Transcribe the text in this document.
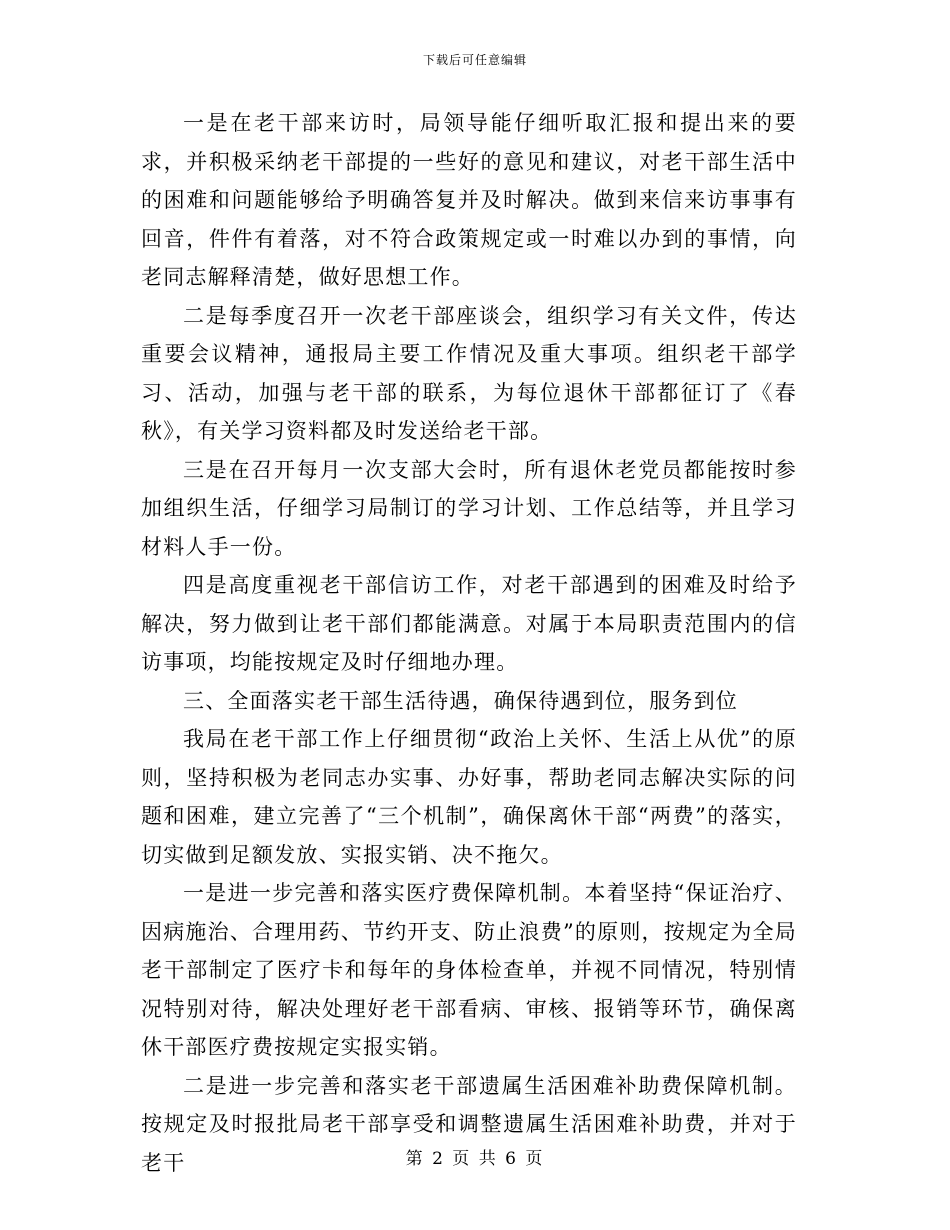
下载后可任意编辑

一是在老干部来访时，局领导能仔细听取汇报和提出来的要求，并积极采纳老干部提的一些好的意见和建议，对老干部生活中的困难和问题能够给予明确答复并及时解决。做到来信来访事事有回音，件件有着落，对不符合政策规定或一时难以办到的事情，向老同志解释清楚，做好思想工作。

二是每季度召开一次老干部座谈会，组织学习有关文件，传达重要会议精神，通报局主要工作情况及重大事项。组织老干部学习、活动，加强与老干部的联系，为每位退休干部都征订了《春秋》，有关学习资料都及时发送给老干部。

三是在召开每月一次支部大会时，所有退休老党员都能按时参加组织生活，仔细学习局制订的学习计划、工作总结等，并且学习材料人手一份。

四是高度重视老干部信访工作，对老干部遇到的困难及时给予解决，努力做到让老干部们都能满意。对属于本局职责范围内的信访事项，均能按规定及时仔细地办理。

三、全面落实老干部生活待遇，确保待遇到位，服务到位

我局在老干部工作上仔细贯彻“政治上关怀、生活上从优”的原则，坚持积极为老同志办实事、办好事，帮助老同志解决实际的问题和困难，建立完善了“三个机制”，确保离休干部“两费”的落实，切实做到足额发放、实报实销、决不拖欠。

一是进一步完善和落实医疗费保障机制。本着坚持“保证治疗、因病施治、合理用药、节约开支、防止浪费”的原则，按规定为全局老干部制定了医疗卡和每年的身体检查单，并视不同情况，特别情况特别对待，解决处理好老干部看病、审核、报销等环节，确保离休干部医疗费按规定实报实销。

二是进一步完善和落实老干部遗属生活困难补助费保障机制。按规定及时报批局老干部享受和调整遗属生活困难补助费，并对于老干	第 2 页 共 6 页
